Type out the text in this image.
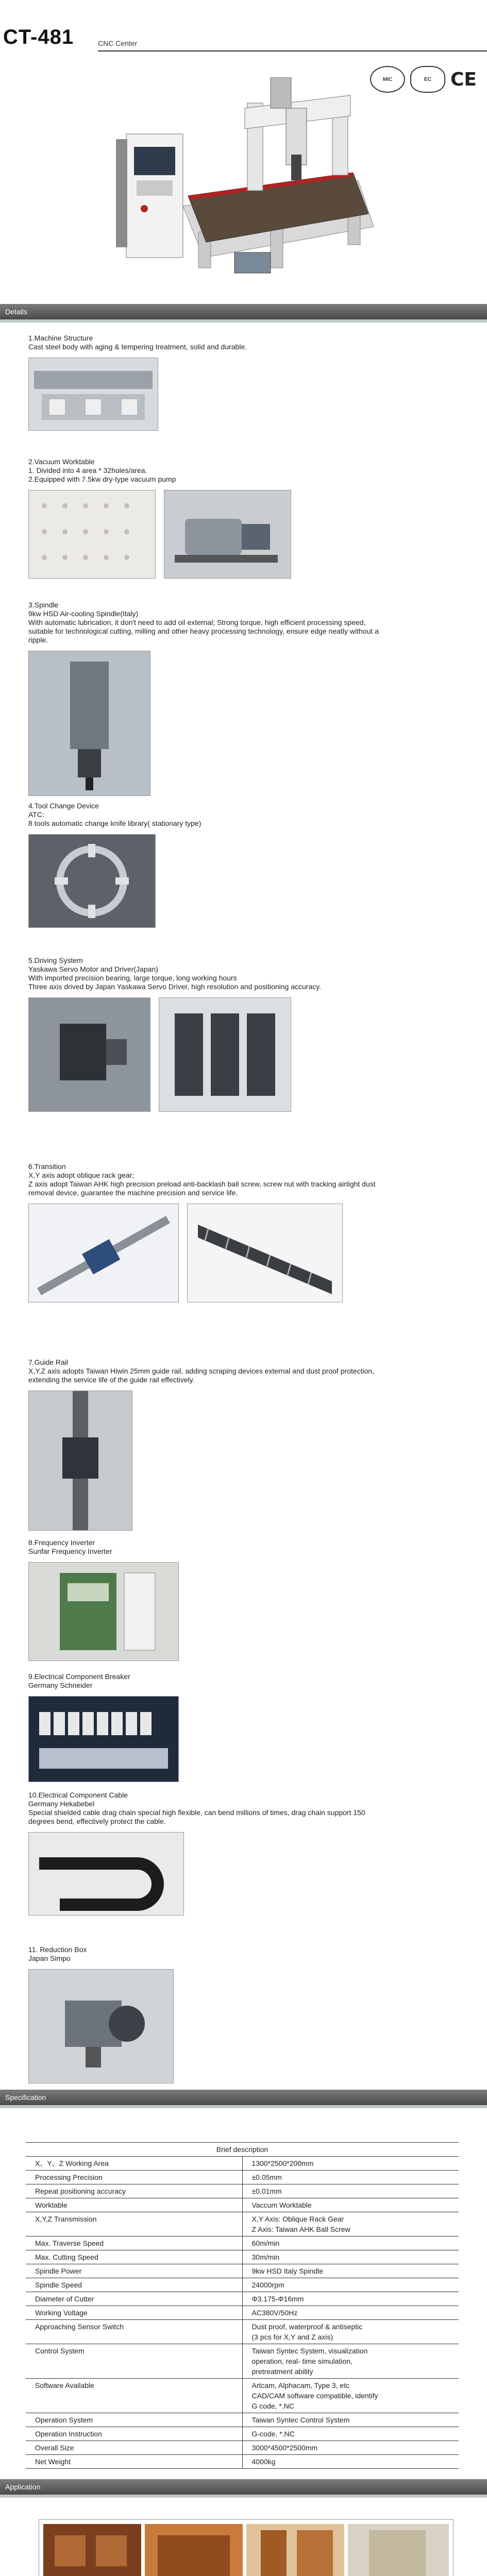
CT-481	CNC Center
MIC	EC CE
Details
1.Machine Structure
Cast steel body with aging & tempering treatment, solid and durable.
2.Vacuum Worktable
1. Divided into 4 area * 32holes/area.
2.Equipped with 7.5kw dry-type vacuum pump
3.Spindle
9kw HSD Air-cooling Spindle(Italy)
With automatic lubrication, it don't need to add oil external; Strong torque, high efficient processing speed, suitable for technological cutting, milling and other heavy processing technology, ensure edge neatly without a ripple.
4.Tool Change Device
ATC:
8 tools automatic change knife library( stationary type)
5.Driving System
Yaskawa Servo Motor and Driver(Japan)
With imported precision bearing, large torque, long working hours
Three axis drived by Japan Yaskawa Servo Driver, high resolution and positioning accuracy.
6.Transition
X,Y axis adopt oblique rack gear;
Z axis adopt Taiwan AHK high precision preload anti-backlash ball screw, screw nut with tracking airtight dust removal device, guarantee the machine precision and service life.
7.Guide Rail
X,Y,Z axis adopts Taiwan Hiwin 25mm guide rail, adding scraping devices external and dust proof protection, extending the service life of the guide rail effectively.
8.Frequency Inverter
Sunfar Frequency Inverter
9.Electrical Component Breaker
Germany Schneider
10.Electrical Component Cable
Germany Hekabebel
Special shielded cable drag chain special high flexible, can bend millions of times, drag chain support 150 degrees bend, effectively protect the cable.
11. Reduction Box
Japan Simpo
Specification
Brief description	
X、Y、Z Working Area	1300*2500*200mm
Processing Precision	±0.05mm
Repeat positioning accuracy	±0.01mm
Worktable	Vaccum Worktable
X,Y,Z Transmission	X,Y Axis: Oblique Rack Gear
Z Axis: Taiwan AHK Ball Screw
Max. Traverse Speed	60m/min
Max. Cutting Speed	30m/min
Spindle Power	9kw HSD Italy Spindle
Spindle Speed	24000rpm
Diameter of Cutter	Φ3.175-Φ16mm
Working Voltage	AC380V/50Hz
Approaching Sensor Switch	Dust proof, waterproof & antiseptic
(3 pcs for X,Y and Z axis)
Control System	Taiwan Syntec System, visualization
operation, real- time simulation,
pretreatment ability
Software Available	Artcam, Alphacam, Type 3, etc
CAD/CAM software compatible, identify
G code, *.NC
Operation System	Taiwan Syntec Control System
Operation Instruction	G-code, *.NC
Overall Size	3000*4500*2500mm
Net Weight	4000kg
Application
